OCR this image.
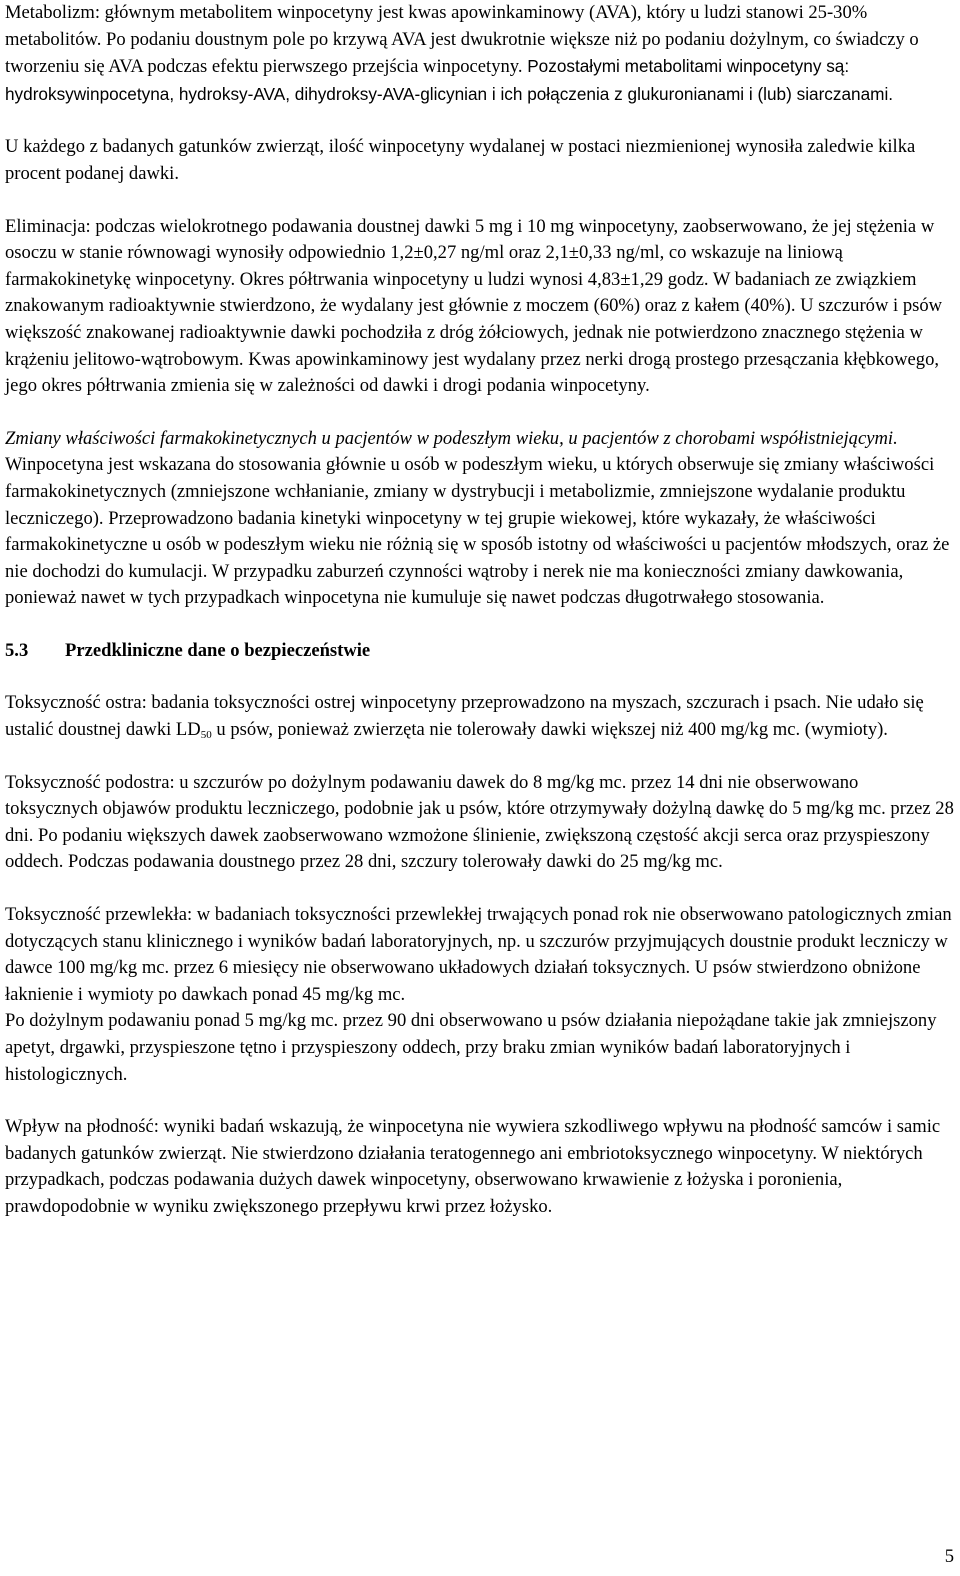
Metabolizm: głównym metabolitem winpocetyny jest kwas apowinkaminowy (AVA), który u ludzi stanowi 25-30% metabolitów. Po podaniu doustnym pole po krzywą AVA jest dwukrotnie większe niż po podaniu dożylnym, co świadczy o tworzeniu się AVA podczas efektu pierwszego przejścia winpocetyny. Pozostałymi metabolitami winpocetyny są: hydroksywinpocetyna, hydroksy-AVA, dihydroksy-AVA-glicynian i ich połączenia z glukuronianami i (lub) siarczanami.

U każdego z badanych gatunków zwierząt, ilość winpocetyny wydalanej w postaci niezmienionej wynosiła zaledwie kilka procent podanej dawki.

Eliminacja: podczas wielokrotnego podawania doustnej dawki 5 mg i 10 mg winpocetyny, zaobserwowano, że jej stężenia w osoczu w stanie równowagi wynosiły odpowiednio 1,2±0,27 ng/ml oraz 2,1±0,33 ng/ml, co wskazuje na liniową farmakokinetykę winpocetyny. Okres półtrwania winpocetyny u ludzi wynosi 4,83±1,29 godz. W badaniach ze związkiem znakowanym radioaktywnie stwierdzono, że wydalany jest głównie z moczem (60%) oraz z kałem (40%). U szczurów i psów większość znakowanej radioaktywnie dawki pochodziła z dróg żółciowych, jednak nie potwierdzono znacznego stężenia w krążeniu jelitowo-wątrobowym. Kwas apowinkaminowy jest wydalany przez nerki drogą prostego przesączania kłębkowego, jego okres półtrwania zmienia się w zależności od dawki i drogi podania winpocetyny.

Zmiany właściwości farmakokinetycznych u pacjentów w podeszłym wieku, u pacjentów z chorobami współistniejącymi.

Winpocetyna jest wskazana do stosowania głównie u osób w podeszłym wieku, u których obserwuje się zmiany właściwości farmakokinetycznych (zmniejszone wchłanianie, zmiany w dystrybucji i metabolizmie, zmniejszone wydalanie produktu leczniczego). Przeprowadzono badania kinetyki winpocetyny w tej grupie wiekowej, które wykazały, że właściwości farmakokinetyczne u osób w podeszłym wieku nie różnią się w sposób istotny od właściwości u pacjentów młodszych, oraz że nie dochodzi do kumulacji. W przypadku zaburzeń czynności wątroby i nerek nie ma konieczności zmiany dawkowania, ponieważ nawet w tych przypadkach winpocetyna nie kumuluje się nawet podczas długotrwałego stosowania.

5.3 Przedkliniczne dane o bezpieczeństwie

Toksyczność ostra: badania toksyczności ostrej winpocetyny przeprowadzono na myszach, szczurach i psach. Nie udało się ustalić doustnej dawki $LD_{50}$ u psów, ponieważ zwierzęta nie tolerowały dawki większej niż 400 mg/kg mc. (wymioty).

Toksyczność podostra: u szczurów po dożylnym podawaniu dawek do 8 mg/kg mc. przez 14 dni nie obserwowano toksycznych objawów produktu leczniczego, podobnie jak u psów, które otrzymywały dożylną dawkę do 5 mg/kg mc. przez 28 dni. Po podaniu większych dawek zaobserwowano wzmożone ślinienie, zwiększoną częstość akcji serca oraz przyspieszony oddech. Podczas podawania doustnego przez 28 dni, szczury tolerowały dawki do 25 mg/kg mc.

Toksyczność przewlekła: w badaniach toksyczności przewlekłej trwających ponad rok nie obserwowano patologicznych zmian dotyczących stanu klinicznego i wyników badań laboratoryjnych, np. u szczurów przyjmujących doustnie produkt leczniczy w dawce 100 mg/kg mc. przez 6 miesięcy nie obserwowano układowych działań toksycznych. U psów stwierdzono obniżone łaknienie i wymioty po dawkach ponad 45 mg/kg mc.

Po dożylnym podawaniu ponad 5 mg/kg mc. przez 90 dni obserwowano u psów działania niepożądane takie jak zmniejszony apetyt, drgawki, przyspieszone tętno i przyspieszony oddech, przy braku zmian wyników badań laboratoryjnych i histologicznych.

Wpływ na płodność: wyniki badań wskazują, że winpocetyna nie wywiera szkodliwego wpływu na płodność samców i samic badanych gatunków zwierząt. Nie stwierdzono działania teratogennego ani embriotoksycznego winpocetyny. W niektórych przypadkach, podczas podawania dużych dawek winpocetyny, obserwowano krwawienie z łożyska i poronienia, prawdopodobnie w wyniku zwiększonego przepływu krwi przez łożysko.

5
